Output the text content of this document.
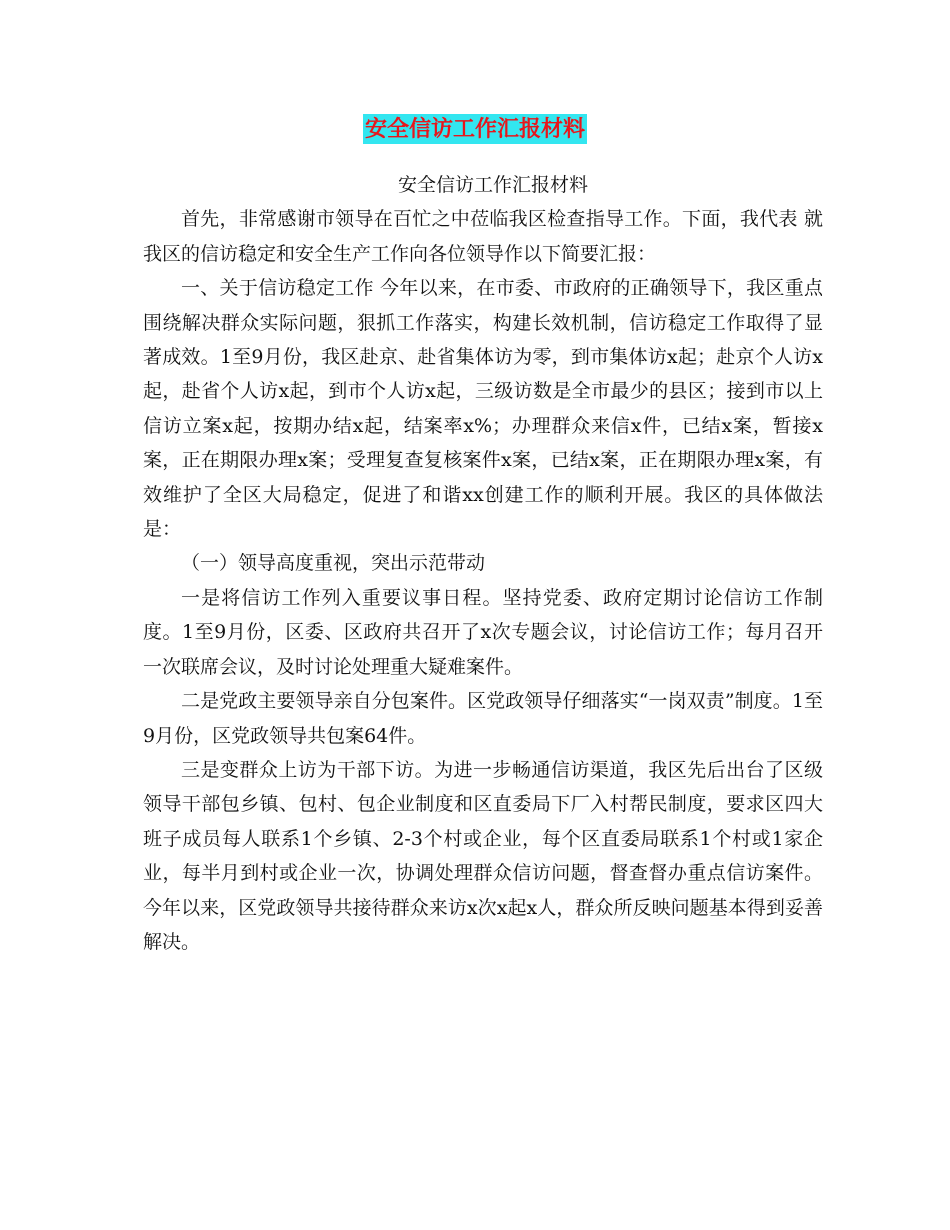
安全信访工作汇报材料

安全信访工作汇报材料

首先，非常感谢市领导在百忙之中莅临我区检查指导工作。下面，我代表 就我区的信访稳定和安全生产工作向各位领导作以下简要汇报：

一、关于信访稳定工作 今年以来，在市委、市政府的正确领导下，我区重点围绕解决群众实际问题，狠抓工作落实，构建长效机制，信访稳定工作取得了显著成效。1至9月份，我区赴京、赴省集体访为零，到市集体访x起；赴京个人访x起，赴省个人访x起，到市个人访x起，三级访数是全市最少的县区；接到市以上信访立案x起，按期办结x起，结案率x%；办理群众来信x件，已结x案，暂接x案，正在期限办理x案；受理复查复核案件x案，已结x案，正在期限办理x案，有效维护了全区大局稳定，促进了和谐xx创建工作的顺利开展。我区的具体做法是：

（一）领导高度重视，突出示范带动

一是将信访工作列入重要议事日程。坚持党委、政府定期讨论信访工作制度。1至9月份，区委、区政府共召开了x次专题会议，讨论信访工作；每月召开一次联席会议，及时讨论处理重大疑难案件。

二是党政主要领导亲自分包案件。区党政领导仔细落实“一岗双责”制度。1至9月份，区党政领导共包案64件。

三是变群众上访为干部下访。为进一步畅通信访渠道，我区先后出台了区级领导干部包乡镇、包村、包企业制度和区直委局下厂入村帮民制度，要求区四大班子成员每人联系1个乡镇、2-3个村或企业，每个区直委局联系1个村或1家企业，每半月到村或企业一次，协调处理群众信访问题，督查督办重点信访案件。今年以来，区党政领导共接待群众来访x次x起x人，群众所反映问题基本得到妥善解决。
